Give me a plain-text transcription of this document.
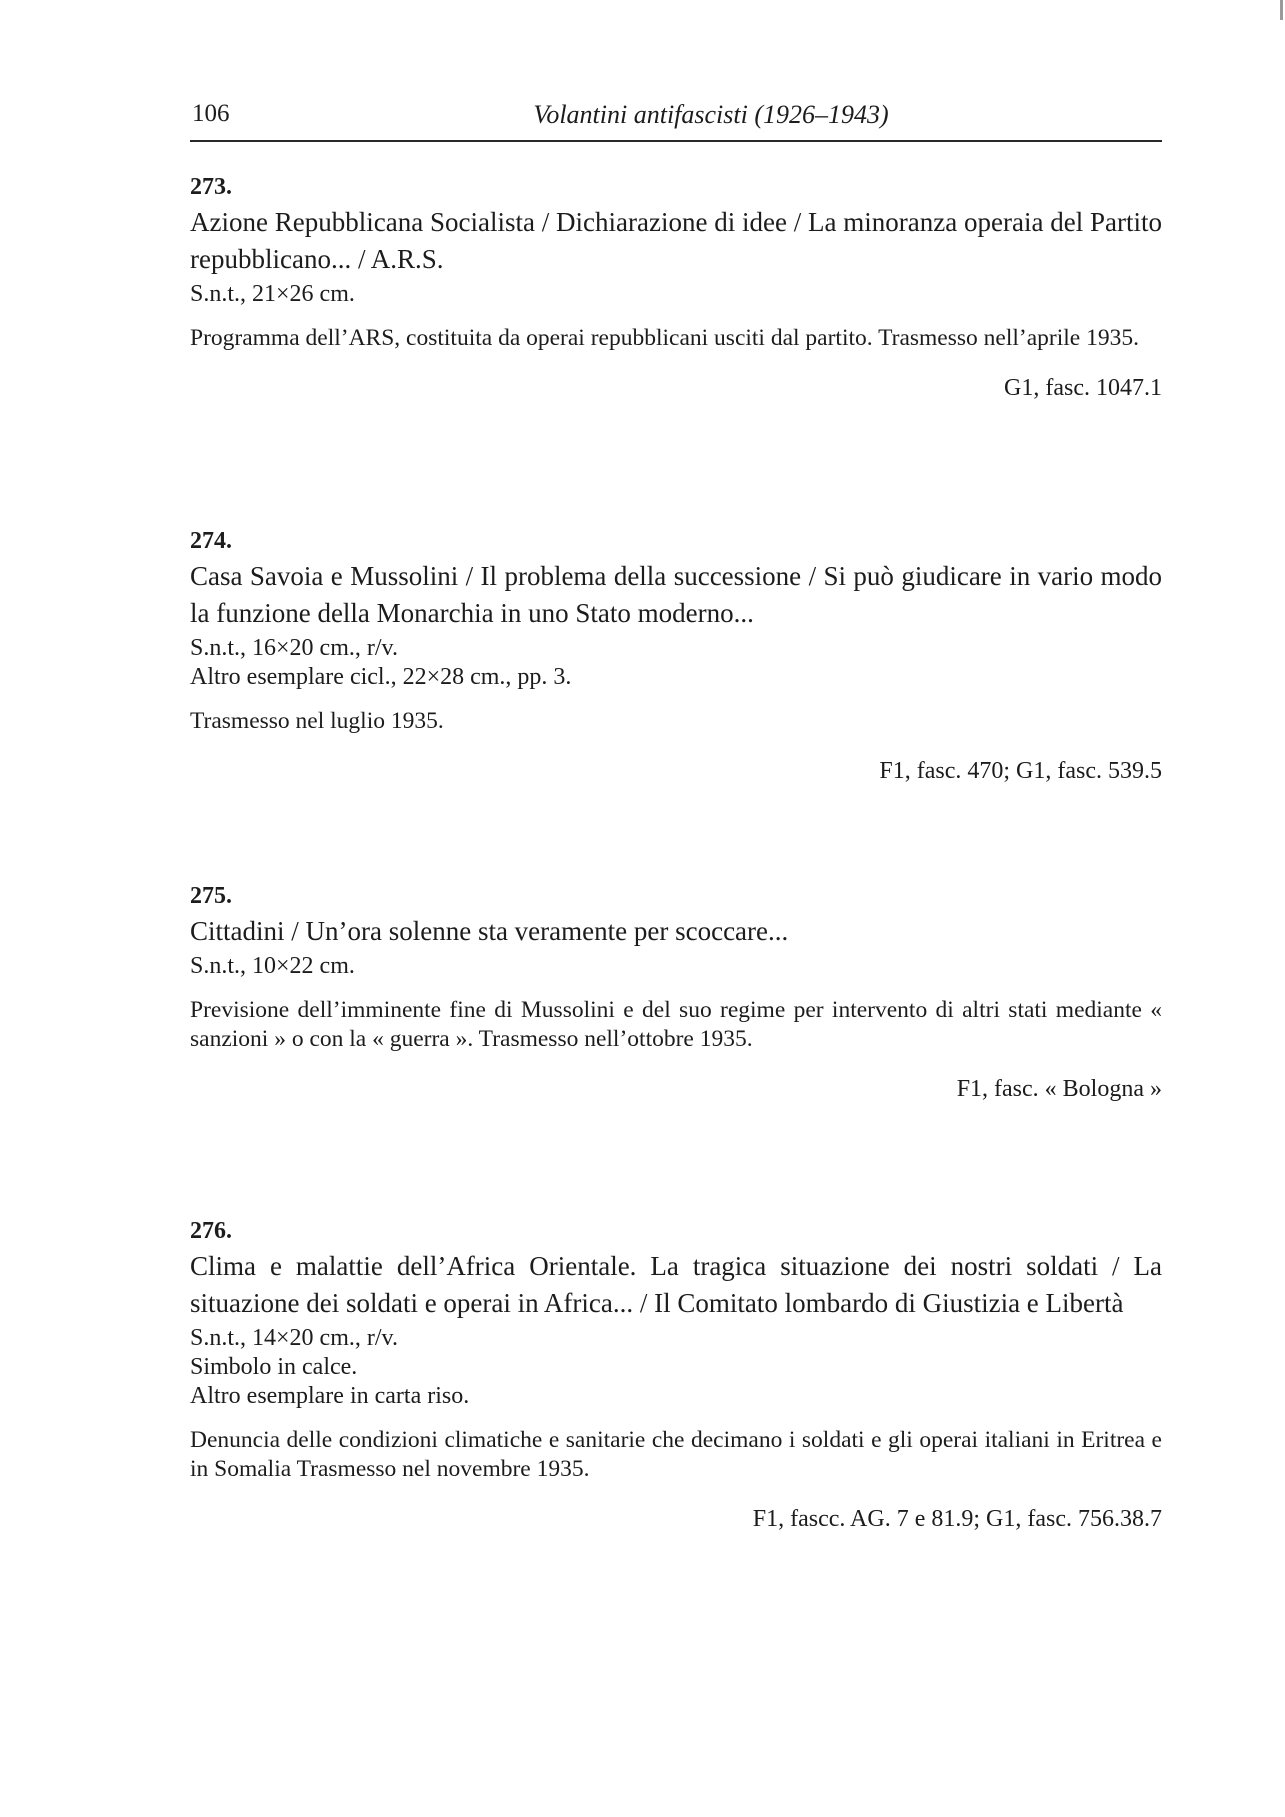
106	Volantini antifascisti (1926–1943)
273.
Azione Repubblicana Socialista / Dichiarazione di idee / La minoranza operaia del Partito repubblicano... / A.R.S.
S.n.t., 21×26 cm.
Programma dell’ARS, costituita da operai repubblicani usciti dal partito. Trasmesso nell’aprile 1935.
G1, fasc. 1047.1
274.
Casa Savoia e Mussolini / Il problema della successione / Si può giudicare in vario modo la funzione della Monarchia in uno Stato moderno...
S.n.t., 16×20 cm., r/v.
Altro esemplare cicl., 22×28 cm., pp. 3.
Trasmesso nel luglio 1935.
F1, fasc. 470; G1, fasc. 539.5
275.
Cittadini / Un’ora solenne sta veramente per scoccare...
S.n.t., 10×22 cm.
Previsione dell’imminente fine di Mussolini e del suo regime per intervento di altri stati mediante « sanzioni » o con la « guerra ». Trasmesso nell’ottobre 1935.
F1, fasc. « Bologna »
276.
Clima e malattie dell’Africa Orientale. La tragica situazione dei nostri soldati / La situazione dei soldati e operai in Africa... / Il Comitato lombardo di Giustizia e Libertà
S.n.t., 14×20 cm., r/v.
Simbolo in calce.
Altro esemplare in carta riso.
Denuncia delle condizioni climatiche e sanitarie che decimano i soldati e gli operai italiani in Eritrea e in Somalia Trasmesso nel novembre 1935.
F1, fascc. AG. 7 e 81.9; G1, fasc. 756.38.7
